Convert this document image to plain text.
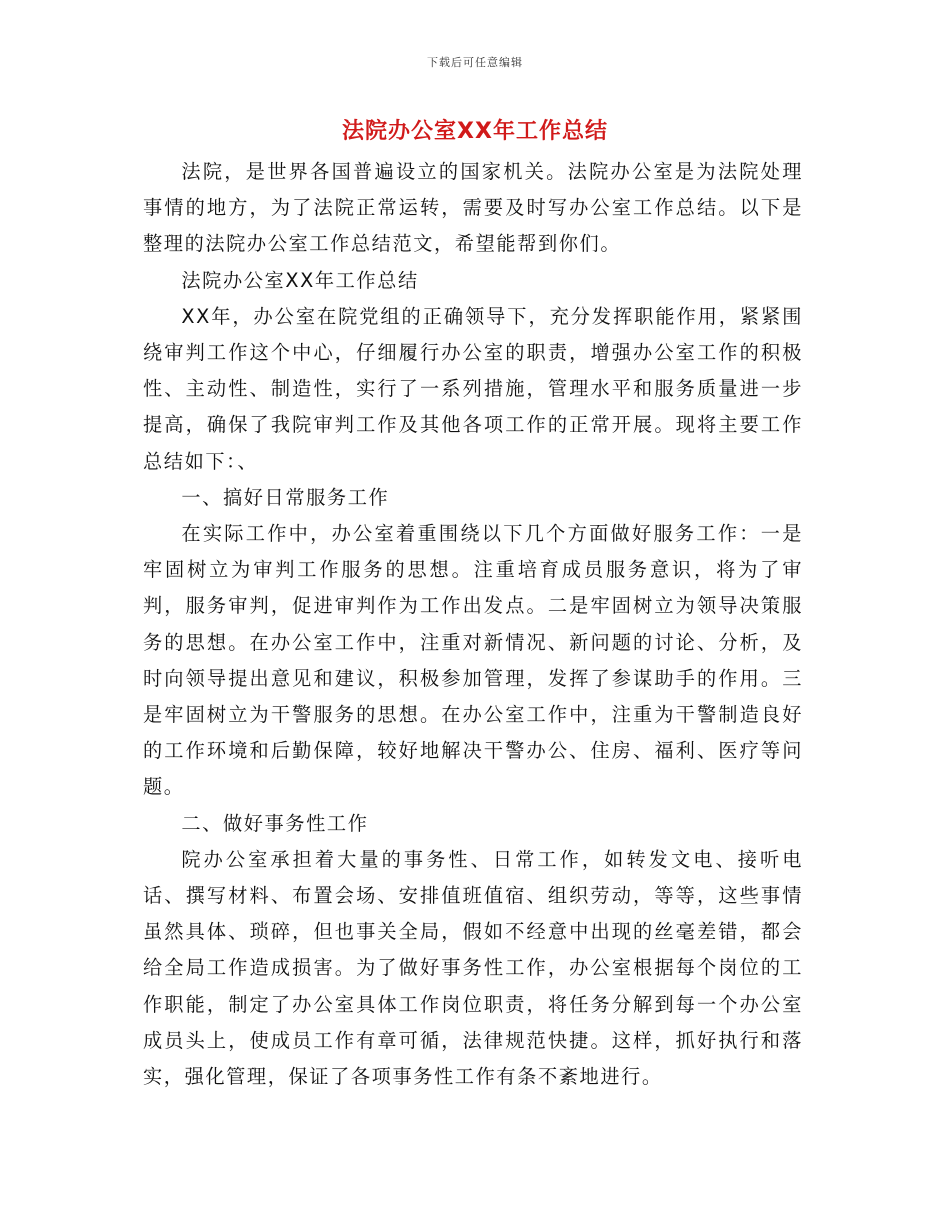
下载后可任意编辑
法院办公室XX年工作总结

法院，是世界各国普遍设立的国家机关。法院办公室是为法院处理事情的地方，为了法院正常运转，需要及时写办公室工作总结。以下是整理的法院办公室工作总结范文，希望能帮到你们。

法院办公室XX年工作总结

XX年，办公室在院党组的正确领导下，充分发挥职能作用，紧紧围绕审判工作这个中心，仔细履行办公室的职责，增强办公室工作的积极性、主动性、制造性，实行了一系列措施，管理水平和服务质量进一步提高，确保了我院审判工作及其他各项工作的正常开展。现将主要工作总结如下：、

一、搞好日常服务工作

在实际工作中，办公室着重围绕以下几个方面做好服务工作：一是牢固树立为审判工作服务的思想。注重培育成员服务意识，将为了审判，服务审判，促进审判作为工作出发点。二是牢固树立为领导决策服务的思想。在办公室工作中，注重对新情况、新问题的讨论、分析，及时向领导提出意见和建议，积极参加管理，发挥了参谋助手的作用。三是牢固树立为干警服务的思想。在办公室工作中，注重为干警制造良好的工作环境和后勤保障，较好地解决干警办公、住房、福利、医疗等问题。

二、做好事务性工作

院办公室承担着大量的事务性、日常工作，如转发文电、接听电话、撰写材料、布置会场、安排值班值宿、组织劳动，等等，这些事情虽然具体、琐碎，但也事关全局，假如不经意中出现的丝毫差错，都会给全局工作造成损害。为了做好事务性工作，办公室根据每个岗位的工作职能，制定了办公室具体工作岗位职责，将任务分解到每一个办公室成员头上，使成员工作有章可循，法律规范快捷。这样，抓好执行和落实，强化管理，保证了各项事务性工作有条不紊地进行。
